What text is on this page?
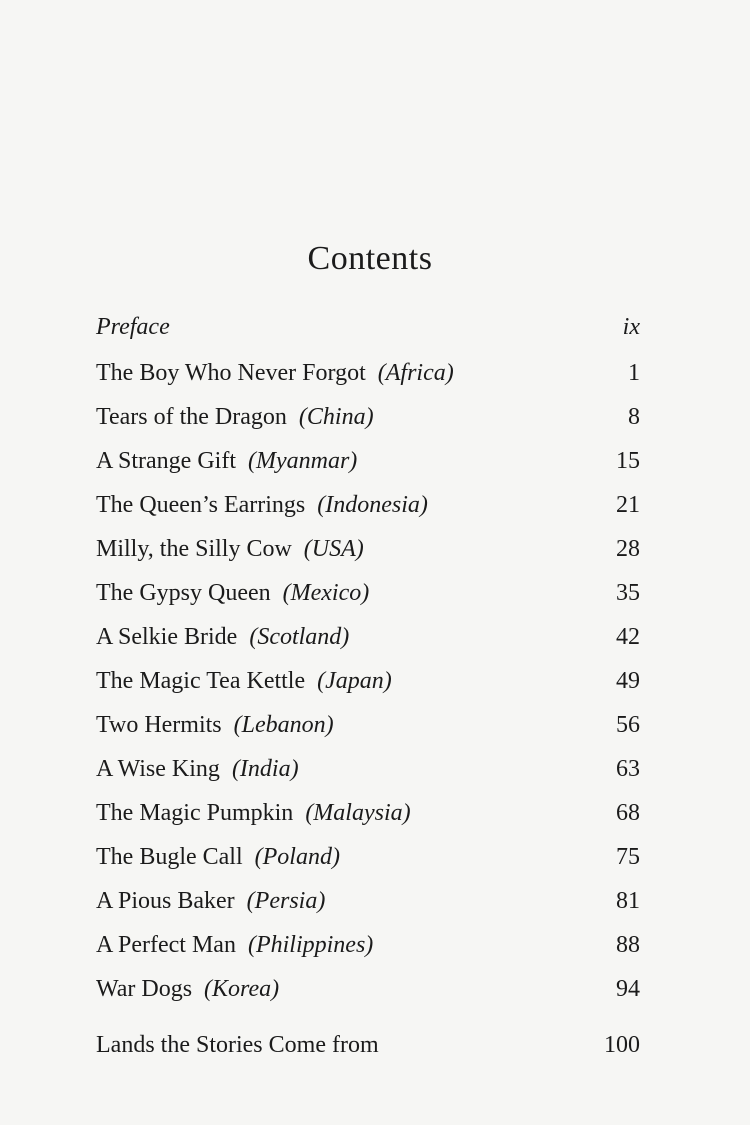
Contents
Preface	ix
The Boy Who Never Forgot (Africa)	1
Tears of the Dragon (China)	8
A Strange Gift (Myanmar)	15
The Queen’s Earrings (Indonesia)	21
Milly, the Silly Cow (USA)	28
The Gypsy Queen (Mexico)	35
A Selkie Bride (Scotland)	42
The Magic Tea Kettle (Japan)	49
Two Hermits (Lebanon)	56
A Wise King (India)	63
The Magic Pumpkin (Malaysia)	68
The Bugle Call (Poland)	75
A Pious Baker (Persia)	81
A Perfect Man (Philippines)	88
War Dogs (Korea)	94
Lands the Stories Come from	100
